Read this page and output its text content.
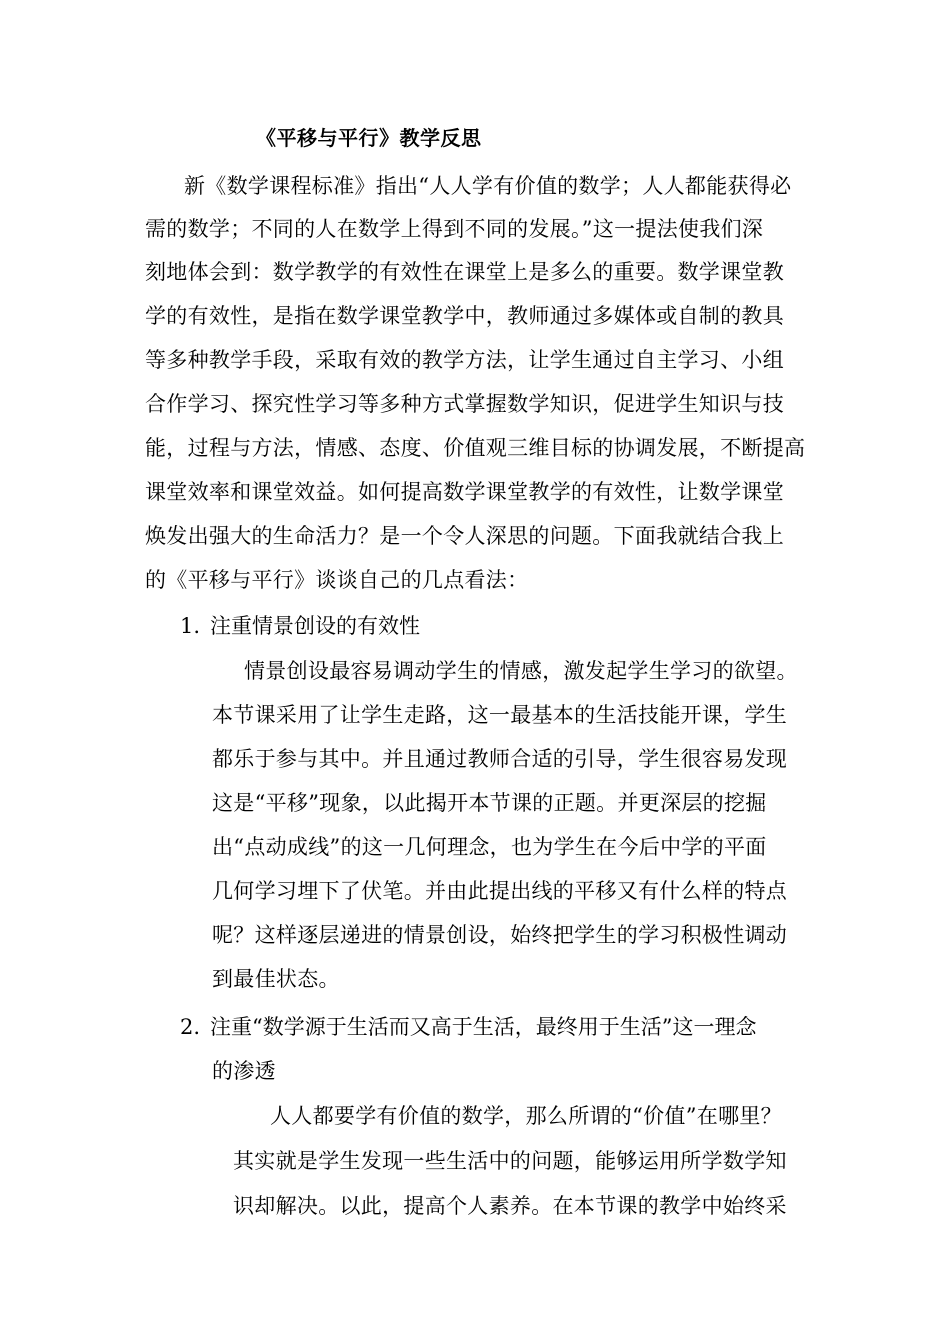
《平移与平行》教学反思
新《数学课程标准》指出“人人学有价值的数学；人人都能获得必
需的数学；不同的人在数学上得到不同的发展。”这一提法使我们深
刻地体会到：数学教学的有效性在课堂上是多么的重要。数学课堂教
学的有效性，是指在数学课堂教学中，教师通过多媒体或自制的教具
等多种教学手段，采取有效的教学方法，让学生通过自主学习、小组
合作学习、探究性学习等多种方式掌握数学知识，促进学生知识与技
能，过程与方法，情感、态度、价值观三维目标的协调发展，不断提高
课堂效率和课堂效益。如何提高数学课堂教学的有效性，让数学课堂
焕发出强大的生命活力？是一个令人深思的问题。下面我就结合我上
的《平移与平行》谈谈自己的几点看法：
1. 注重情景创设的有效性
情景创设最容易调动学生的情感，激发起学生学习的欲望。
本节课采用了让学生走路，这一最基本的生活技能开课，学生
都乐于参与其中。并且通过教师合适的引导，学生很容易发现
这是“平移”现象，以此揭开本节课的正题。并更深层的挖掘
出“点动成线”的这一几何理念，也为学生在今后中学的平面
几何学习埋下了伏笔。并由此提出线的平移又有什么样的特点
呢？这样逐层递进的情景创设，始终把学生的学习积极性调动
到最佳状态。
2. 注重“数学源于生活而又高于生活，最终用于生活”这一理念
的渗透
人人都要学有价值的数学，那么所谓的“价值”在哪里？
其实就是学生发现一些生活中的问题，能够运用所学数学知
识却解决。以此，提高个人素养。在本节课的教学中始终采
